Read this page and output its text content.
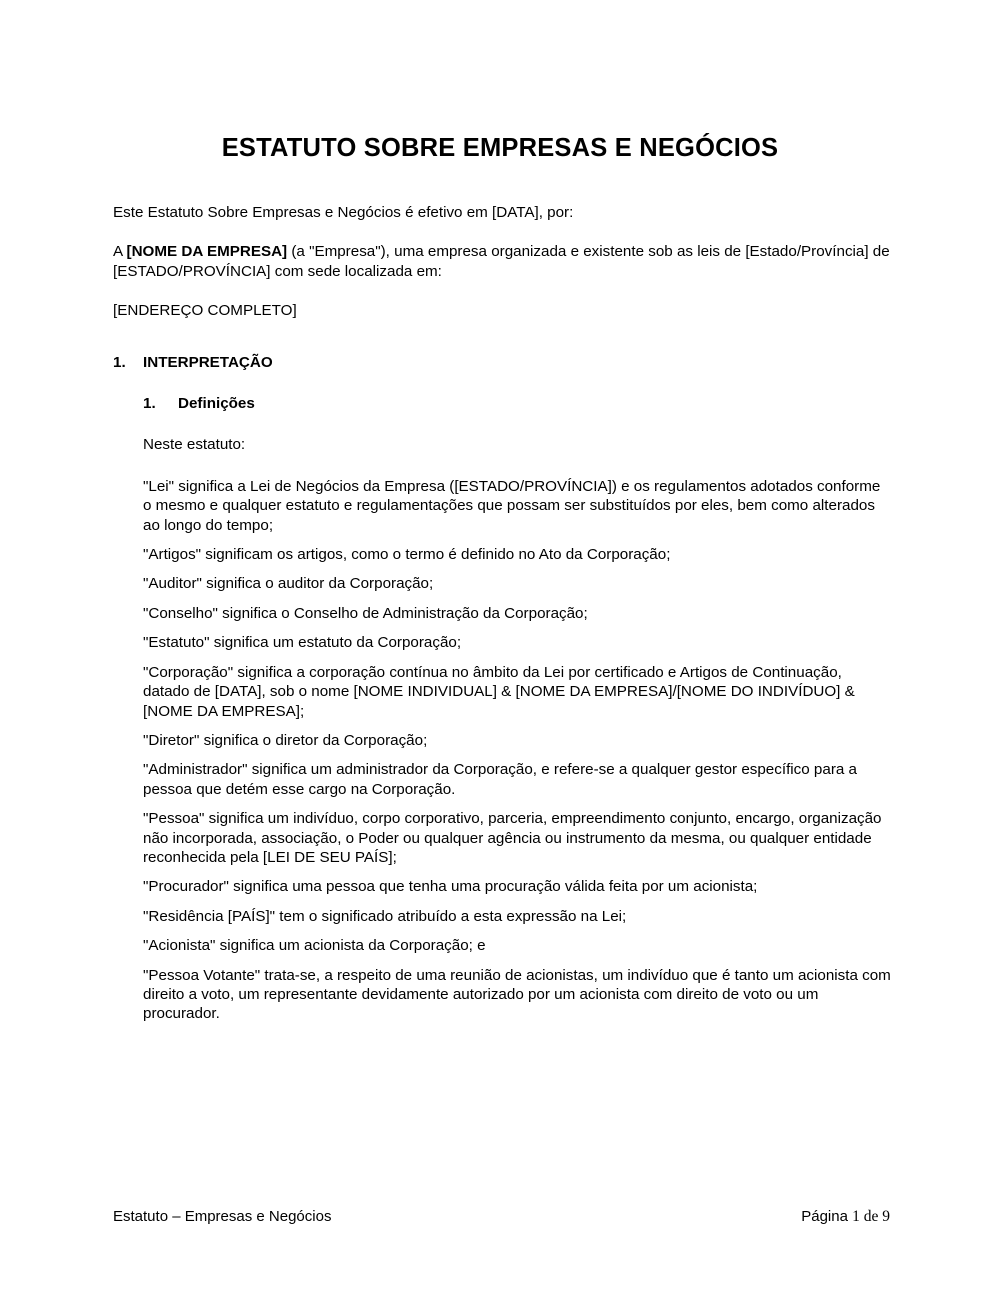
ESTATUTO SOBRE EMPRESAS E NEGÓCIOS

Este Estatuto Sobre Empresas e Negócios é efetivo em [DATA], por:

A [NOME DA EMPRESA] (a "Empresa"), uma empresa organizada e existente sob as leis de [Estado/Província] de [ESTADO/PROVÍNCIA] com sede localizada em:

[ENDEREÇO COMPLETO]

1.	INTERPRETAÇÃO
1.	Definições

Neste estatuto:

"Lei" significa a Lei de Negócios da Empresa ([ESTADO/PROVÍNCIA]) e os regulamentos adotados conforme o mesmo e qualquer estatuto e regulamentações que possam ser substituídos por eles, bem como alterados ao longo do tempo;

"Artigos" significam os artigos, como o termo é definido no Ato da Corporação;

"Auditor" significa o auditor da Corporação;

"Conselho" significa o Conselho de Administração da Corporação;

"Estatuto" significa um estatuto da Corporação;

"Corporação" significa a corporação contínua no âmbito da Lei por certificado e Artigos de Continuação, datado de [DATA], sob o nome [NOME INDIVIDUAL] & [NOME DA EMPRESA]/[NOME DO INDIVÍDUO] & [NOME DA EMPRESA];

"Diretor" significa o diretor da Corporação;

"Administrador" significa um administrador da Corporação, e refere-se a qualquer gestor específico para a pessoa que detém esse cargo na Corporação.

"Pessoa" significa um indivíduo, corpo corporativo, parceria, empreendimento conjunto, encargo, organização não incorporada, associação, o Poder ou qualquer agência ou instrumento da mesma, ou qualquer entidade reconhecida pela [LEI DE SEU PAÍS];

"Procurador" significa uma pessoa que tenha uma procuração válida feita por um acionista;

"Residência [PAÍS]" tem o significado atribuído a esta expressão na Lei;

"Acionista" significa um acionista da Corporação; e

"Pessoa Votante" trata-se, a respeito de uma reunião de acionistas, um indivíduo que é tanto um acionista com direito a voto, um representante devidamente autorizado por um acionista com direito de voto ou um procurador.

Estatuto – Empresas e Negócios	Página 1 de 9
